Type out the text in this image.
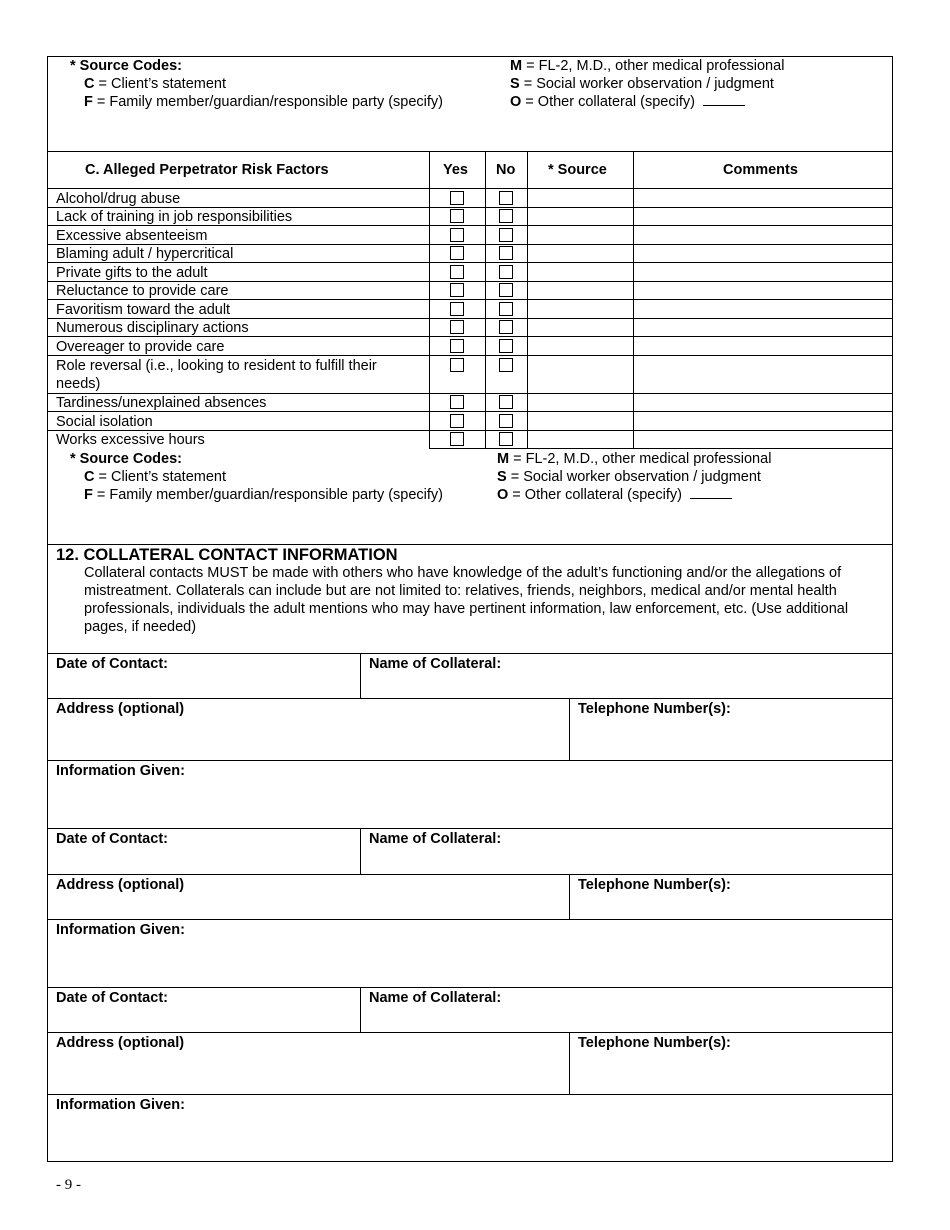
* Source Codes:
C = Client’s statement
F = Family member/guardian/responsible party (specify)
M = FL-2, M.D., other medical professional
S = Social worker observation / judgment
O = Other collateral (specify)
C. Alleged Perpetrator Risk Factors	Yes No * Source	Comments
Alcohol/drug abuse
Lack of training in job responsibilities
Excessive absenteeism
Blaming adult / hypercritical
Private gifts to the adult
Reluctance to provide care
Favoritism toward the adult
Numerous disciplinary actions
Overeager to provide care
Role reversal (i.e., looking to resident to fulfill their
needs)
Tardiness/unexplained absences
Social isolation
Works excessive hours
* Source Codes:
C = Client’s statement
F = Family member/guardian/responsible party (specify)
M = FL-2, M.D., other medical professional
S = Social worker observation / judgment
O = Other collateral (specify)
12. COLLATERAL CONTACT INFORMATION
Collateral contacts MUST be made with others who have knowledge of the adult’s functioning and/or the allegations of mistreatment. Collaterals can include but are not limited to: relatives, friends, neighbors, medical and/or mental health professionals, individuals the adult mentions who may have pertinent information, law enforcement, etc. (Use additional pages, if needed)
Date of Contact:	Name of Collateral:
Address (optional)	Telephone Number(s):
Information Given:
Date of Contact:	Name of Collateral:
Address (optional)	Telephone Number(s):
Information Given:
Date of Contact:	Name of Collateral:
Address (optional)	Telephone Number(s):
Information Given:
- 9 -
